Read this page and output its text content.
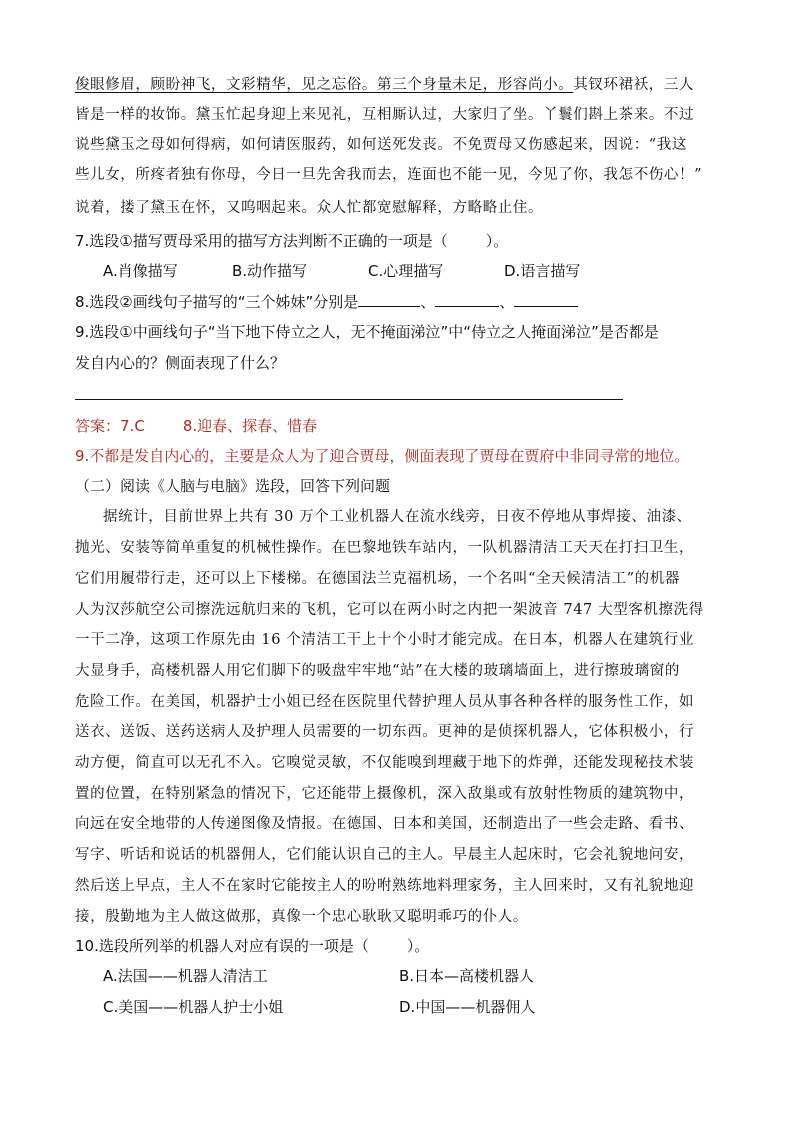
俊眼修眉，顾盼神飞，文彩精华，见之忘俗。第三个身量未足，形容尚小。其钗环裙袄，三人
皆是一样的妆饰。黛玉忙起身迎上来见礼，互相厮认过，大家归了坐。丫鬟们斟上茶来。不过
说些黛玉之母如何得病，如何请医服药，如何送死发丧。不免贾母又伤感起来，因说：“我这
些儿女，所疼者独有你母，今日一旦先舍我而去，连面也不能一见，今见了你，我怎不伤心！”
说着，搂了黛玉在怀，又呜咽起来。众人忙都宽慰解释，方略略止住。
7.选段①描写贾母采用的描写方法判断不正确的一项是（	）。
A.肖像描写	B.动作描写	C.心理描写	D.语言描写
8.选段②画线句子描写的“三个姊妹”分别是	、	、
9.选段①中画线句子“当下地下侍立之人，无不掩面涕泣”中“侍立之人掩面涕泣”是否都是
发自内心的？侧面表现了什么？
答案：7.C	8.迎春、探春、惜春
9.不都是发自内心的，主要是众人为了迎合贾母，侧面表现了贾母在贾府中非同寻常的地位。
（二）阅读《人脑与电脑》选段，回答下列问题
据统计，目前世界上共有 30 万个工业机器人在流水线旁，日夜不停地从事焊接、油漆、
抛光、安装等简单重复的机械性操作。在巴黎地铁车站内，一队机器清洁工天天在打扫卫生，
它们用履带行走，还可以上下楼梯。在德国法兰克福机场，一个名叫“全天候清洁工”的机器
人为汉莎航空公司擦洗远航归来的飞机，它可以在两小时之内把一架波音 747 大型客机擦洗得
一干二净，这项工作原先由 16 个清洁工干上十个小时才能完成。在日本，机器人在建筑行业
大显身手，高楼机器人用它们脚下的吸盘牢牢地“站”在大楼的玻璃墙面上，进行擦玻璃窗的
危险工作。在美国，机器护士小姐已经在医院里代替护理人员从事各种各样的服务性工作，如
送衣、送饭、送药送病人及护理人员需要的一切东西。更神的是侦探机器人，它体积极小，行
动方便，简直可以无孔不入。它嗅觉灵敏，不仅能嗅到埋藏于地下的炸弹，还能发现秘技术装
置的位置，在特别紧急的情况下，它还能带上摄像机，深入敌巢或有放射性物质的建筑物中，
向远在安全地带的人传递图像及情报。在德国、日本和美国，还制造出了一些会走路、看书、
写字、听话和说话的机器佣人，它们能认识自己的主人。早晨主人起床时，它会礼貌地问安，
然后送上早点，主人不在家时它能按主人的吩咐熟练地料理家务，主人回来时，又有礼貌地迎
接，殷勤地为主人做这做那，真像一个忠心耿耿又聪明乖巧的仆人。
10.选段所列举的机器人对应有误的一项是（	）。
A.法国——机器人清洁工	B.日本—高楼机器人
C.美国——机器人护士小姐	D.中国——机器佣人
